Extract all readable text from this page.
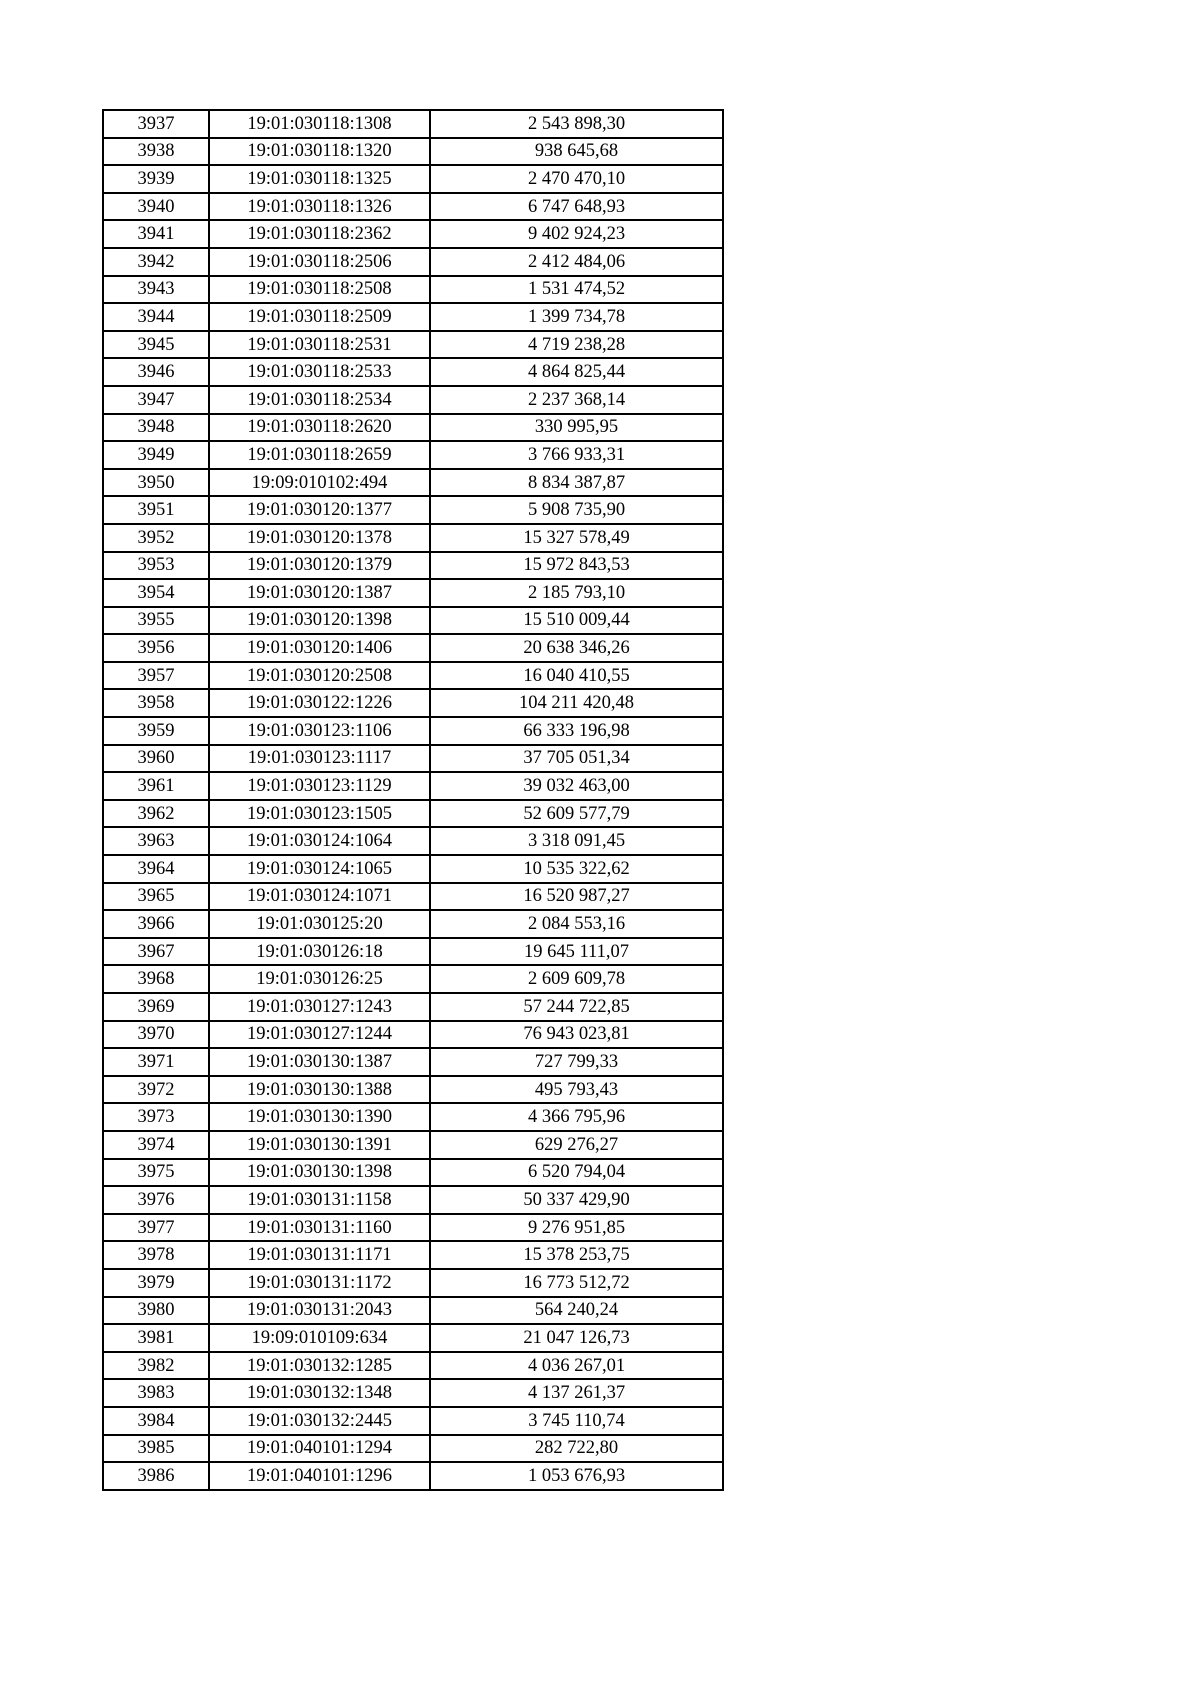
3937	19:01:030118:1308	2 543 898,30
3938	19:01:030118:1320	938 645,68
3939	19:01:030118:1325	2 470 470,10
3940	19:01:030118:1326	6 747 648,93
3941	19:01:030118:2362	9 402 924,23
3942	19:01:030118:2506	2 412 484,06
3943	19:01:030118:2508	1 531 474,52
3944	19:01:030118:2509	1 399 734,78
3945	19:01:030118:2531	4 719 238,28
3946	19:01:030118:2533	4 864 825,44
3947	19:01:030118:2534	2 237 368,14
3948	19:01:030118:2620	330 995,95
3949	19:01:030118:2659	3 766 933,31
3950	19:09:010102:494	8 834 387,87
3951	19:01:030120:1377	5 908 735,90
3952	19:01:030120:1378	15 327 578,49
3953	19:01:030120:1379	15 972 843,53
3954	19:01:030120:1387	2 185 793,10
3955	19:01:030120:1398	15 510 009,44
3956	19:01:030120:1406	20 638 346,26
3957	19:01:030120:2508	16 040 410,55
3958	19:01:030122:1226	104 211 420,48
3959	19:01:030123:1106	66 333 196,98
3960	19:01:030123:1117	37 705 051,34
3961	19:01:030123:1129	39 032 463,00
3962	19:01:030123:1505	52 609 577,79
3963	19:01:030124:1064	3 318 091,45
3964	19:01:030124:1065	10 535 322,62
3965	19:01:030124:1071	16 520 987,27
3966	19:01:030125:20	2 084 553,16
3967	19:01:030126:18	19 645 111,07
3968	19:01:030126:25	2 609 609,78
3969	19:01:030127:1243	57 244 722,85
3970	19:01:030127:1244	76 943 023,81
3971	19:01:030130:1387	727 799,33
3972	19:01:030130:1388	495 793,43
3973	19:01:030130:1390	4 366 795,96
3974	19:01:030130:1391	629 276,27
3975	19:01:030130:1398	6 520 794,04
3976	19:01:030131:1158	50 337 429,90
3977	19:01:030131:1160	9 276 951,85
3978	19:01:030131:1171	15 378 253,75
3979	19:01:030131:1172	16 773 512,72
3980	19:01:030131:2043	564 240,24
3981	19:09:010109:634	21 047 126,73
3982	19:01:030132:1285	4 036 267,01
3983	19:01:030132:1348	4 137 261,37
3984	19:01:030132:2445	3 745 110,74
3985	19:01:040101:1294	282 722,80
3986	19:01:040101:1296	1 053 676,93
